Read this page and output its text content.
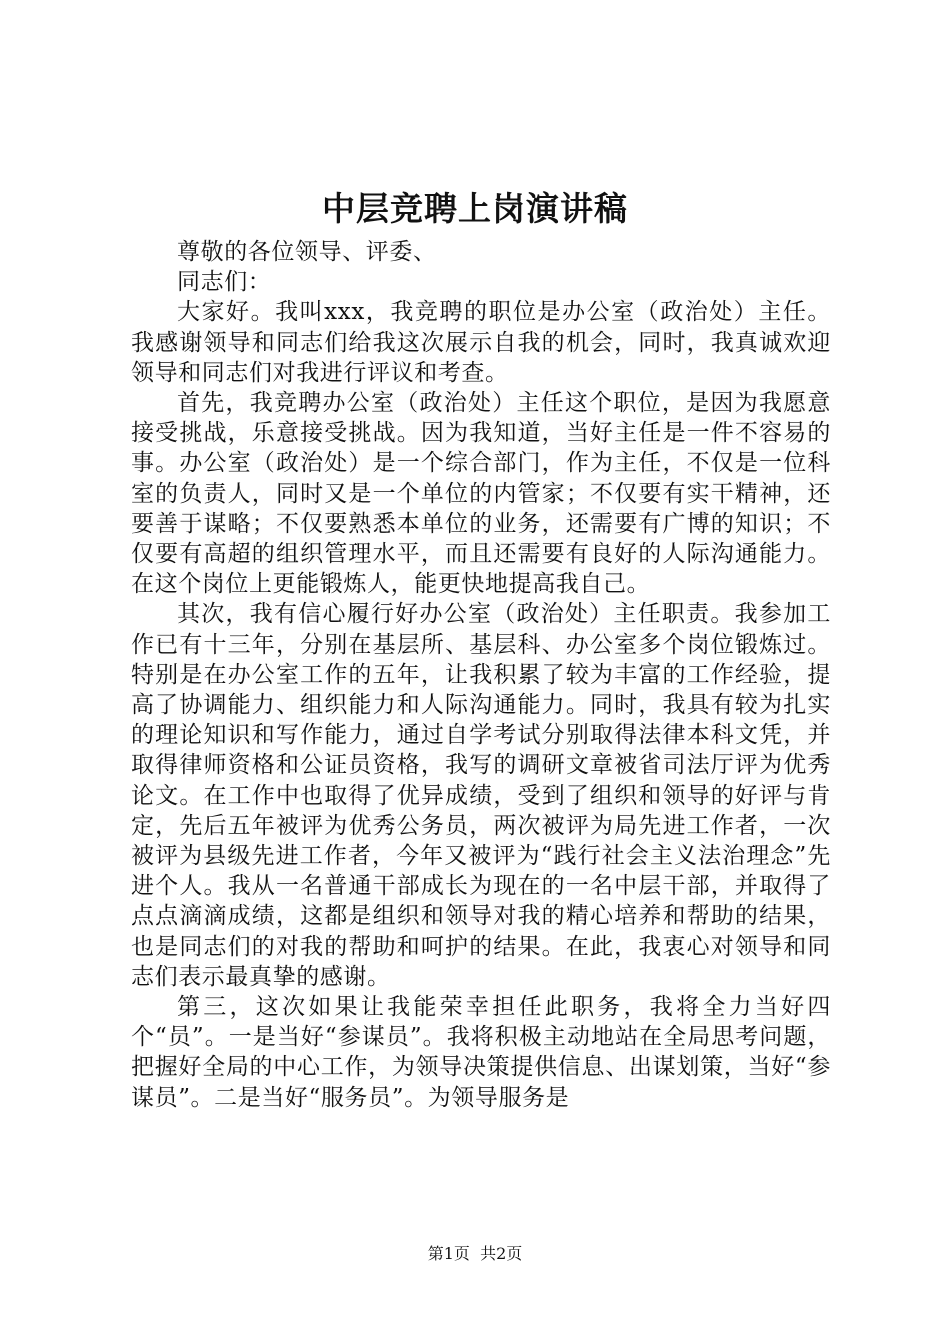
中层竞聘上岗演讲稿

尊敬的各位领导、评委、

同志们：

大家好。我叫xxx，我竞聘的职位是办公室（政治处）主任。我感谢领导和同志们给我这次展示自我的机会，同时，我真诚欢迎领导和同志们对我进行评议和考查。

首先，我竞聘办公室（政治处）主任这个职位，是因为我愿意接受挑战，乐意接受挑战。因为我知道，当好主任是一件不容易的事。办公室（政治处）是一个综合部门，作为主任，不仅是一位科室的负责人，同时又是一个单位的内管家；不仅要有实干精神，还要善于谋略；不仅要熟悉本单位的业务，还需要有广博的知识；不仅要有高超的组织管理水平，而且还需要有良好的人际沟通能力。在这个岗位上更能锻炼人，能更快地提高我自己。

其次，我有信心履行好办公室（政治处）主任职责。我参加工作已有十三年，分别在基层所、基层科、办公室多个岗位锻炼过。特别是在办公室工作的五年，让我积累了较为丰富的工作经验，提高了协调能力、组织能力和人际沟通能力。同时，我具有较为扎实的理论知识和写作能力，通过自学考试分别取得法律本科文凭，并取得律师资格和公证员资格，我写的调研文章被省司法厅评为优秀论文。在工作中也取得了优异成绩，受到了组织和领导的好评与肯定，先后五年被评为优秀公务员，两次被评为局先进工作者，一次被评为县级先进工作者，今年又被评为“践行社会主义法治理念”先进个人。我从一名普通干部成长为现在的一名中层干部，并取得了点点滴滴成绩，这都是组织和领导对我的精心培养和帮助的结果，也是同志们的对我的帮助和呵护的结果。在此，我衷心对领导和同志们表示最真挚的感谢。

第三，这次如果让我能荣幸担任此职务，我将全力当好四个“员”。一是当好“参谋员”。我将积极主动地站在全局思考问题，把握好全局的中心工作，为领导决策提供信息、出谋划策，当好“参谋员”。二是当好“服务员”。为领导服务是

第1页  共2页
